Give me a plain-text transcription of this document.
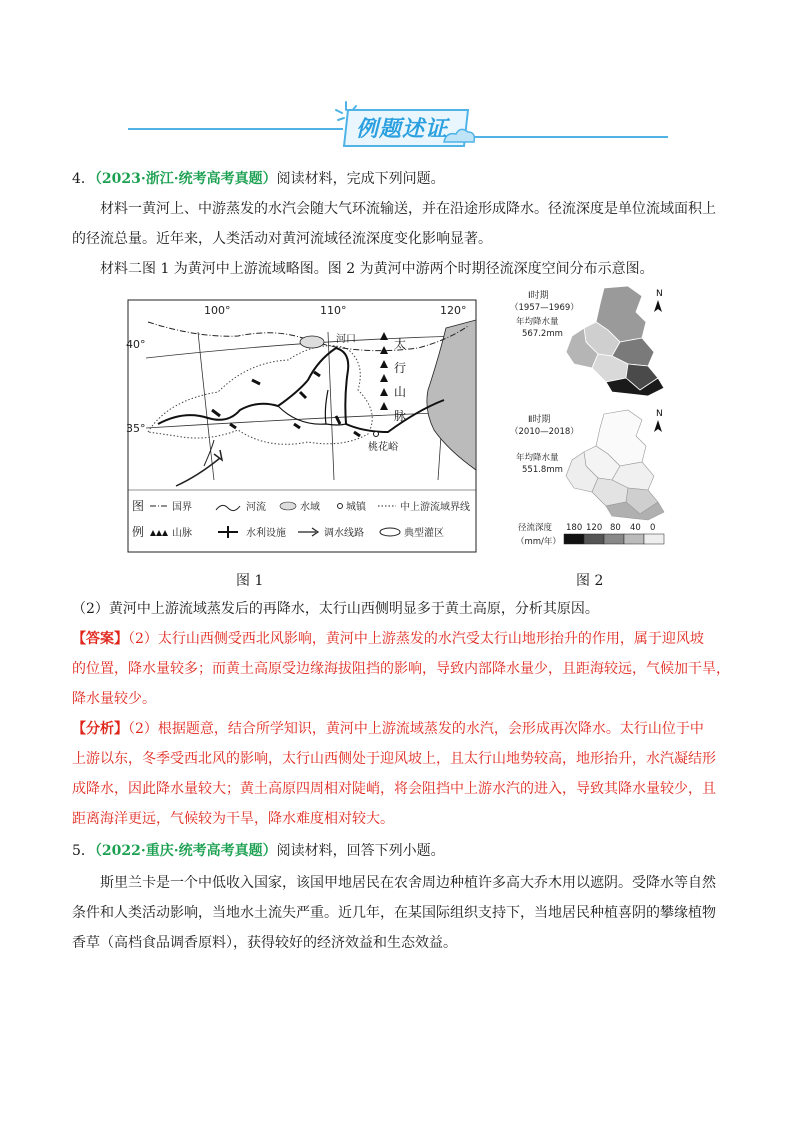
例题述证
4．（2023·浙江·统考高考真题）阅读材料，完成下列问题。
材料一黄河上、中游蒸发的水汽会随大气环流输送，并在沿途形成降水。径流深度是单位流域面积上
的径流总量。近年来，人类活动对黄河流域径流深度变化影响显著。
材料二图 1 为黄河中上游流域略图。图 2 为黄河中游两个时期径流深度空间分布示意图。
100°	110°	120°
40°
35°
河口	太
行
山
脉
桃花峪
图
例
国界	河流	水域	城镇	中上游流域界线
山脉	水利设施	调水线路	典型灌区
Ⅰ时期
（1957—1969）
年均降水量
567.2mm
N
Ⅱ时期
（2010—2018）
年均降水量
551.8mm
N
径流深度
（mm/年）
180 120 80 40 0
图 1	图 2
（2）黄河中上游流域蒸发后的再降水，太行山西侧明显多于黄土高原，分析其原因。
【答案】（2）太行山西侧受西北风影响，黄河中上游蒸发的水汽受太行山地形抬升的作用，属于迎风坡
的位置，降水量较多；而黄土高原受边缘海拔阻挡的影响，导致内部降水量少，且距海较远，气候加干旱，
降水量较少。
【分析】（2）根据题意，结合所学知识，黄河中上游流域蒸发的水汽，会形成再次降水。太行山位于中
上游以东，冬季受西北风的影响，太行山西侧处于迎风坡上，且太行山地势较高，地形抬升，水汽凝结形
成降水，因此降水量较大；黄土高原四周相对陡峭，将会阻挡中上游水汽的进入，导致其降水量较少，且
距离海洋更远，气候较为干旱，降水难度相对较大。
5．（2022·重庆·统考高考真题）阅读材料，回答下列小题。
斯里兰卡是一个中低收入国家，该国甲地居民在农舍周边种植许多高大乔木用以遮阴。受降水等自然
条件和人类活动影响，当地水土流失严重。近几年，在某国际组织支持下，当地居民种植喜阴的攀缘植物
香草（高档食品调香原料），获得较好的经济效益和生态效益。
